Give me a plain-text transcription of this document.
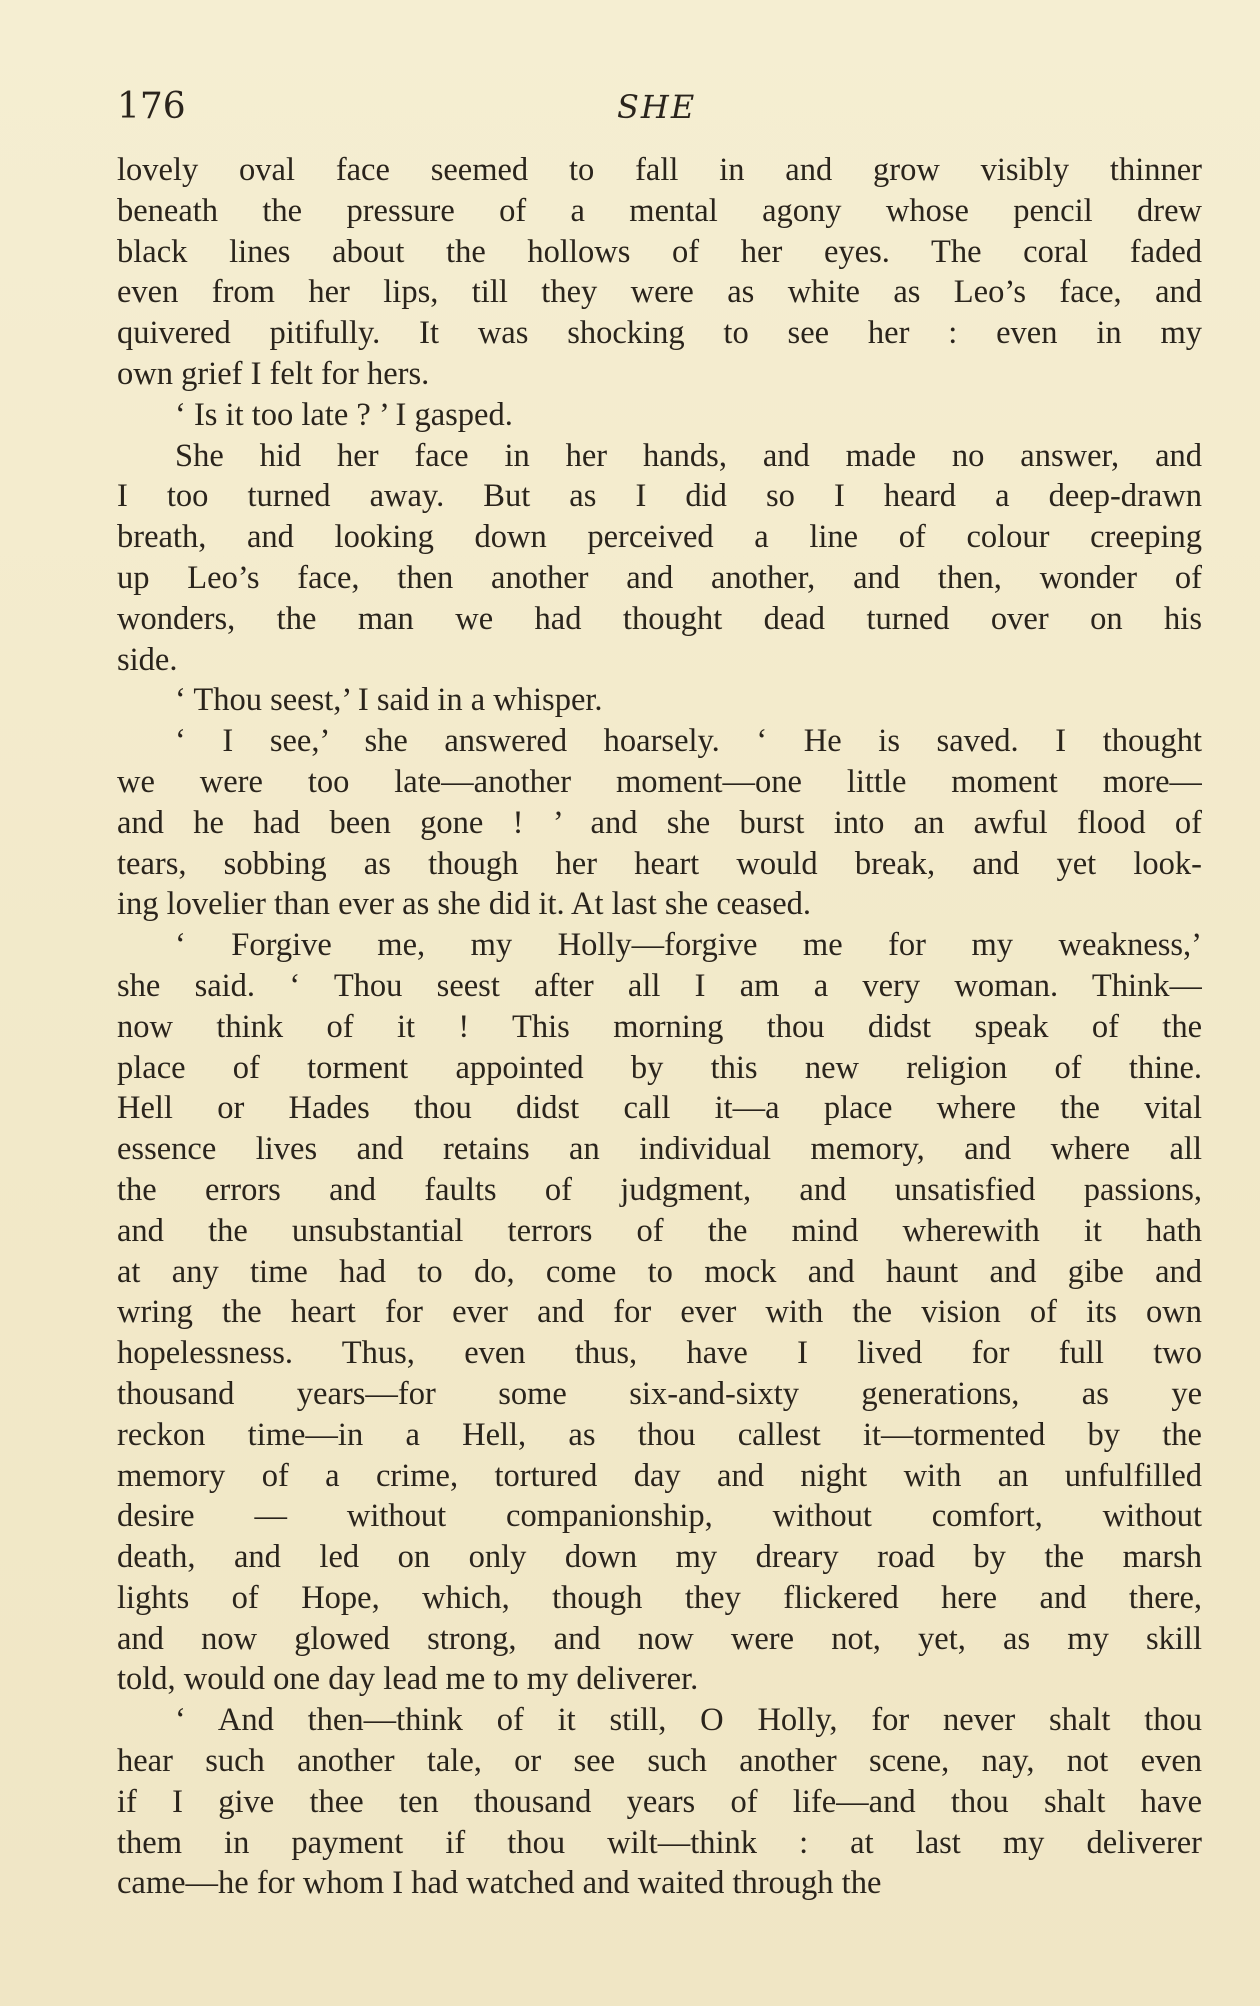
176	SHE
lovely oval face seemed to fall in and grow visibly thinner
beneath the pressure of a mental agony whose pencil drew
black lines about the hollows of her eyes. The coral faded
even from her lips, till they were as white as Leo’s face, and
quivered pitifully. It was shocking to see her : even in my
own grief I felt for hers.
‘ Is it too late ? ’ I gasped.
She hid her face in her hands, and made no answer, and
I too turned away. But as I did so I heard a deep-drawn
breath, and looking down perceived a line of colour creeping
up Leo’s face, then another and another, and then, wonder of
wonders, the man we had thought dead turned over on his
side.
‘ Thou seest,’ I said in a whisper.
‘ I see,’ she answered hoarsely. ‘ He is saved. I thought
we were too late—another moment—one little moment more—
and he had been gone ! ’ and she burst into an awful flood of
tears, sobbing as though her heart would break, and yet look-
ing lovelier than ever as she did it. At last she ceased.
‘ Forgive me, my Holly—forgive me for my weakness,’
she said. ‘ Thou seest after all I am a very woman. Think—
now think of it ! This morning thou didst speak of the
place of torment appointed by this new religion of thine.
Hell or Hades thou didst call it—a place where the vital
essence lives and retains an individual memory, and where all
the errors and faults of judgment, and unsatisfied passions,
and the unsubstantial terrors of the mind wherewith it hath
at any time had to do, come to mock and haunt and gibe and
wring the heart for ever and for ever with the vision of its own
hopelessness. Thus, even thus, have I lived for full two
thousand years—for some six-and-sixty generations, as ye
reckon time—in a Hell, as thou callest it—tormented by the
memory of a crime, tortured day and night with an unfulfilled
desire — without companionship, without comfort, without
death, and led on only down my dreary road by the marsh
lights of Hope, which, though they flickered here and there,
and now glowed strong, and now were not, yet, as my skill
told, would one day lead me to my deliverer.
‘ And then—think of it still, O Holly, for never shalt thou
hear such another tale, or see such another scene, nay, not even
if I give thee ten thousand years of life—and thou shalt have
them in payment if thou wilt—think : at last my deliverer
came—he for whom I had watched and waited through the
